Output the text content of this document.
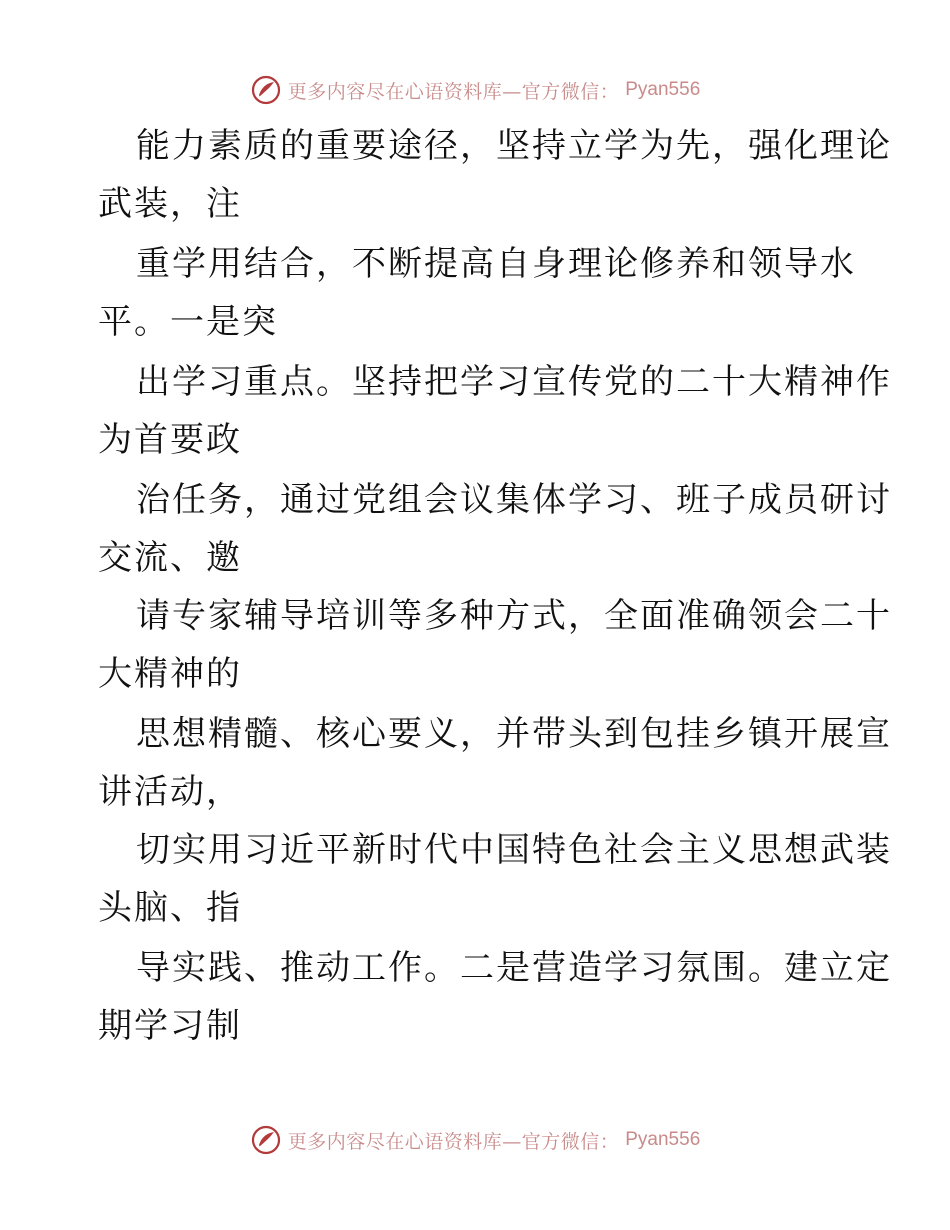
更多内容尽在心语资料库—官方微信： Pyan556
能力素质的重要途径，坚持立学为先，强化理论
武装，注
重学用结合，不断提高自身理论修养和领导水
平。一是突
出学习重点。坚持把学习宣传党的二十大精神作
为首要政
治任务，通过党组会议集体学习、班子成员研讨
交流、邀
请专家辅导培训等多种方式，全面准确领会二十
大精神的
思想精髓、核心要义，并带头到包挂乡镇开展宣
讲活动，
切实用习近平新时代中国特色社会主义思想武装
头脑、指
导实践、推动工作。二是营造学习氛围。建立定
期学习制
更多内容尽在心语资料库—官方微信： Pyan556
